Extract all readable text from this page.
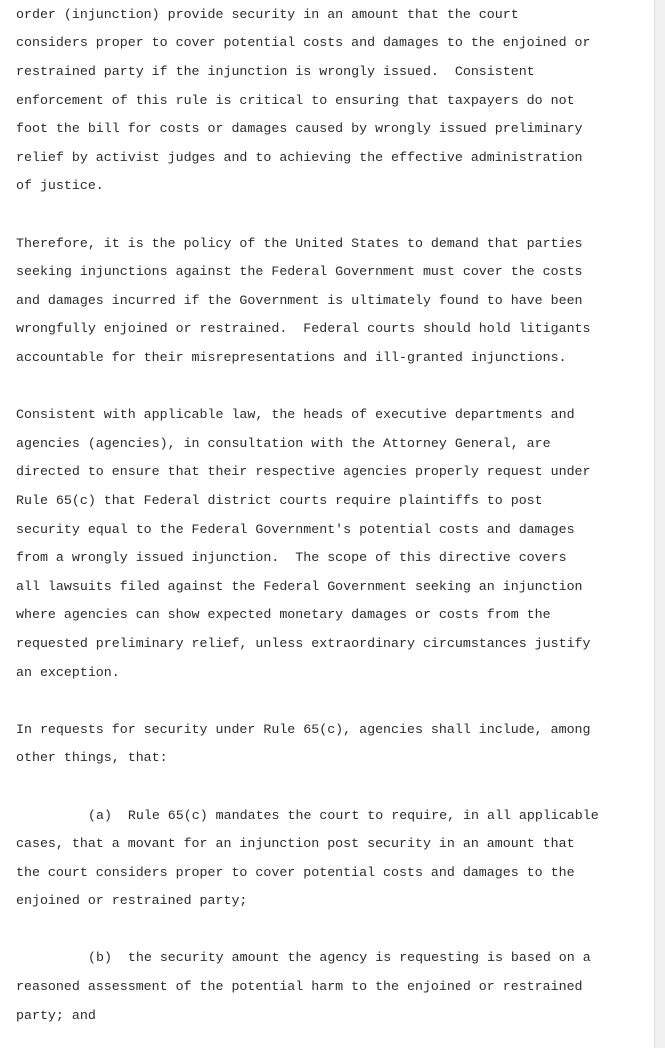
order (injunction) provide security in an amount that the court

considers proper to cover potential costs and damages to the enjoined or

restrained party if the injunction is wrongly issued.  Consistent

enforcement of this rule is critical to ensuring that taxpayers do not

foot the bill for costs or damages caused by wrongly issued preliminary

relief by activist judges and to achieving the effective administration

of justice.

Therefore, it is the policy of the United States to demand that parties

seeking injunctions against the Federal Government must cover the costs

and damages incurred if the Government is ultimately found to have been

wrongfully enjoined or restrained.  Federal courts should hold litigants

accountable for their misrepresentations and ill-granted injunctions.

Consistent with applicable law, the heads of executive departments and

agencies (agencies), in consultation with the Attorney General, are

directed to ensure that their respective agencies properly request under

Rule 65(c) that Federal district courts require plaintiffs to post

security equal to the Federal Government's potential costs and damages

from a wrongly issued injunction.  The scope of this directive covers

all lawsuits filed against the Federal Government seeking an injunction

where agencies can show expected monetary damages or costs from the

requested preliminary relief, unless extraordinary circumstances justify

an exception.

In requests for security under Rule 65(c), agencies shall include, among

other things, that:

(a)  Rule 65(c) mandates the court to require, in all applicable

cases, that a movant for an injunction post security in an amount that

the court considers proper to cover potential costs and damages to the

enjoined or restrained party;

(b)  the security amount the agency is requesting is based on a

reasoned assessment of the potential harm to the enjoined or restrained

party; and
